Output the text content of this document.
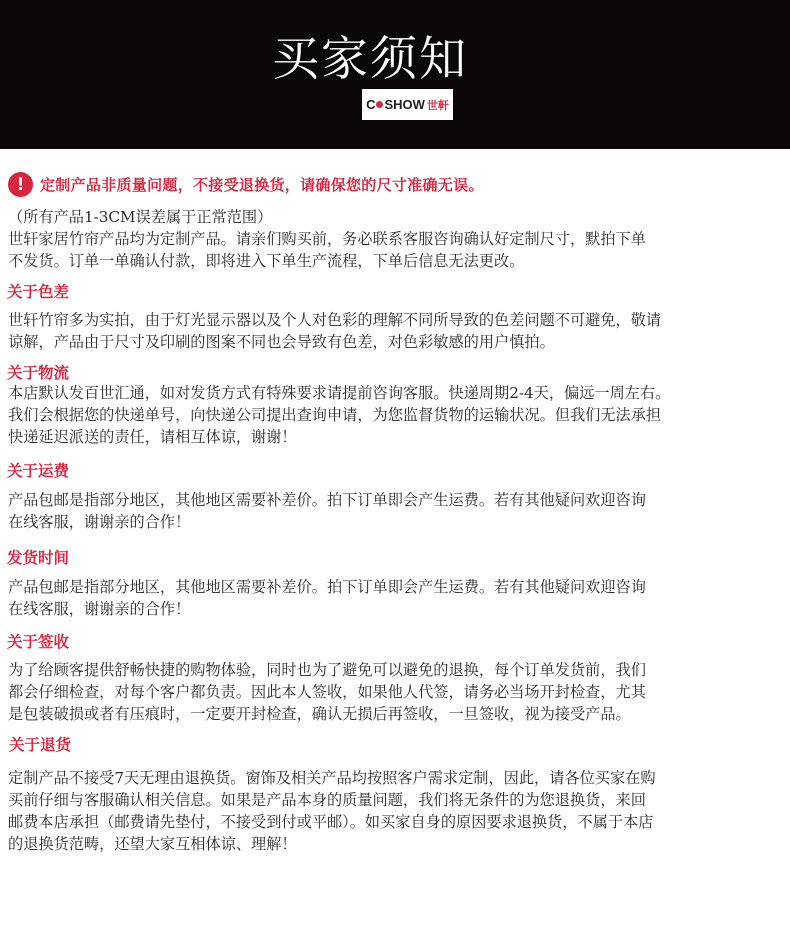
买家须知
C SHOW 世軒
!	定制产品非质量问题，不接受退换货，请确保您的尺寸准确无误。
（所有产品1-3CM误差属于正常范围）
世轩家居竹帘产品均为定制产品。请亲们购买前，务必联系客服咨询确认好定制尺寸，默拍下单
不发货。订单一单确认付款，即将进入下单生产流程，下单后信息无法更改。
关于色差
世轩竹帘多为实拍，由于灯光显示器以及个人对色彩的理解不同所导致的色差问题不可避免，敬请
谅解，产品由于尺寸及印刷的图案不同也会导致有色差，对色彩敏感的用户慎拍。
关于物流
本店默认发百世汇通，如对发货方式有特殊要求请提前咨询客服。快递周期2-4天，偏远一周左右。
我们会根据您的快递单号，向快递公司提出查询申请，为您监督货物的运输状况。但我们无法承担
快递延迟派送的责任，请相互体谅，谢谢！
关于运费
产品包邮是指部分地区，其他地区需要补差价。拍下订单即会产生运费。若有其他疑问欢迎咨询
在线客服，谢谢亲的合作！
发货时间
产品包邮是指部分地区，其他地区需要补差价。拍下订单即会产生运费。若有其他疑问欢迎咨询
在线客服，谢谢亲的合作！
关于签收
为了给顾客提供舒畅快捷的购物体验，同时也为了避免可以避免的退换，每个订单发货前，我们
都会仔细检查，对每个客户都负责。因此本人签收，如果他人代签，请务必当场开封检查，尤其
是包装破损或者有压痕时，一定要开封检查，确认无损后再签收，一旦签收，视为接受产品。
关于退货
定制产品不接受7天无理由退换货。窗饰及相关产品均按照客户需求定制，因此，请各位买家在购
买前仔细与客服确认相关信息。如果是产品本身的质量问题，我们将无条件的为您退换货，来回
邮费本店承担（邮费请先垫付，不接受到付或平邮）。如买家自身的原因要求退换货，不属于本店
的退换货范畴，还望大家互相体谅、理解！
